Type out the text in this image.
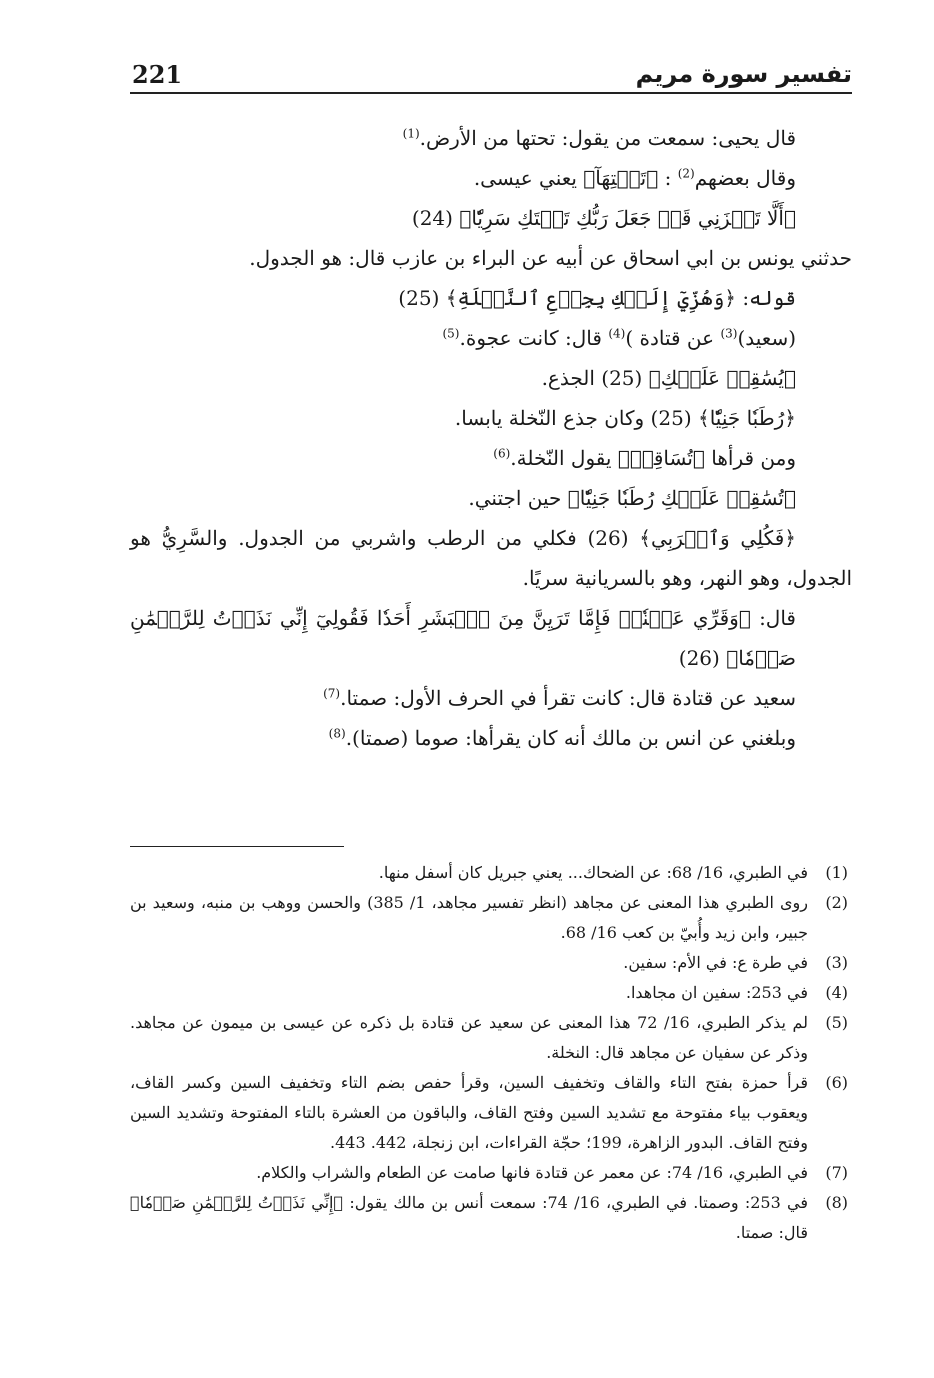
تفسير سورة مريم
221

قال يحيى: سمعت من يقول: تحتها من الأرض.$^{(1)}$

وقال بعضهم$^{(2)}$ : ﴿تَحۡتِهَآ﴾ يعني عيسى.

﴿أَلَّا تَحۡزَنِي قَدۡ جَعَلَ رَبُّكِ تَحۡتَكِ سَرِيّٗا﴾ (24)

حدثني يونس بن ابي اسحاق عن أبيه عن البراء بن عازب قال: هو الجدول.

قوله: ﴿وَهُزِّيٓ إِلَيۡكِ بِجِذۡعِ ٱلنَّخۡلَةِ﴾ (25)

(سعيد)$^{(3)}$ عن قتادة )$^{(4)}$ قال: كانت عجوة.$^{(5)}$

﴿يُسَٰقِطۡ عَلَيۡكِ﴾ (25) الجذع.

﴿رُطَبٗا جَنِيّٗا﴾ (25) وكان جذع النّخلة يابسا.

ومن قرأها ﴿تُسَاقِطۡ﴾ يقول النّخلة.$^{(6)}$

﴿تُسَٰقِطۡ عَلَيۡكِ رُطَبٗا جَنِيّٗا﴾ حين اجتني.

﴿فَكُلِي وَٱشۡرَبِي﴾ (26) فكلي من الرطب واشربي من الجدول. والسَّرِيُّ هو الجدول، وهو النهر، وهو بالسريانية سريًا.

قال: ﴿وَقَرِّي عَيۡنٗاۖ فَإِمَّا تَرَيِنَّ مِنَ ٱلۡبَشَرِ أَحَدٗا فَقُولِيٓ إِنِّي نَذَرۡتُ لِلرَّحۡمَٰنِ صَوۡمٗا﴾ (26)

سعيد عن قتادة قال: كانت تقرأ في الحرف الأول: صمتا.$^{(7)}$

وبلغني عن انس بن مالك أنه كان يقرأها: صوما (صمتا).$^{(8)}$

(1)
في الطبري، 16/ 68: عن الضحاك... يعني جبريل كان أسفل منها.
(2)
روى الطبري هذا المعنى عن مجاهد (انظر تفسير مجاهد، 1/ 385) والحسن ووهب بن منبه، وسعيد بن جبير، وابن زيد وأُبيّ بن كعب 16/ 68.
(3)
في طرة ع: في الأم: سفين.
(4)
في 253: سفين ان مجاهدا.
(5)
لم يذكر الطبري، 16/ 72 هذا المعنى عن سعيد عن قتادة بل ذكره عن عيسى بن ميمون عن مجاهد. وذكر عن سفيان عن مجاهد قال: النخلة.
(6)
قرأ حمزة بفتح التاء والقاف وتخفيف السين، وقرأ حفص بضم التاء وتخفيف السين وكسر القاف، ويعقوب بياء مفتوحة مع تشديد السين وفتح القاف، والباقون من العشرة بالتاء المفتوحة وتشديد السين وفتح القاف. البدور الزاهرة، 199؛ حجّة القراءات، ابن زنجلة، 442. 443.
(7)
في الطبري، 16/ 74: عن معمر عن قتادة فانها صامت عن الطعام والشراب والكلام.
(8)
في 253: وصمتا. في الطبري، 16/ 74: سمعت أنس بن مالك يقول: ﴿إِنِّي نَذَرۡتُ لِلرَّحۡمَٰنِ صَوۡمٗا﴾ قال: صمتا.
